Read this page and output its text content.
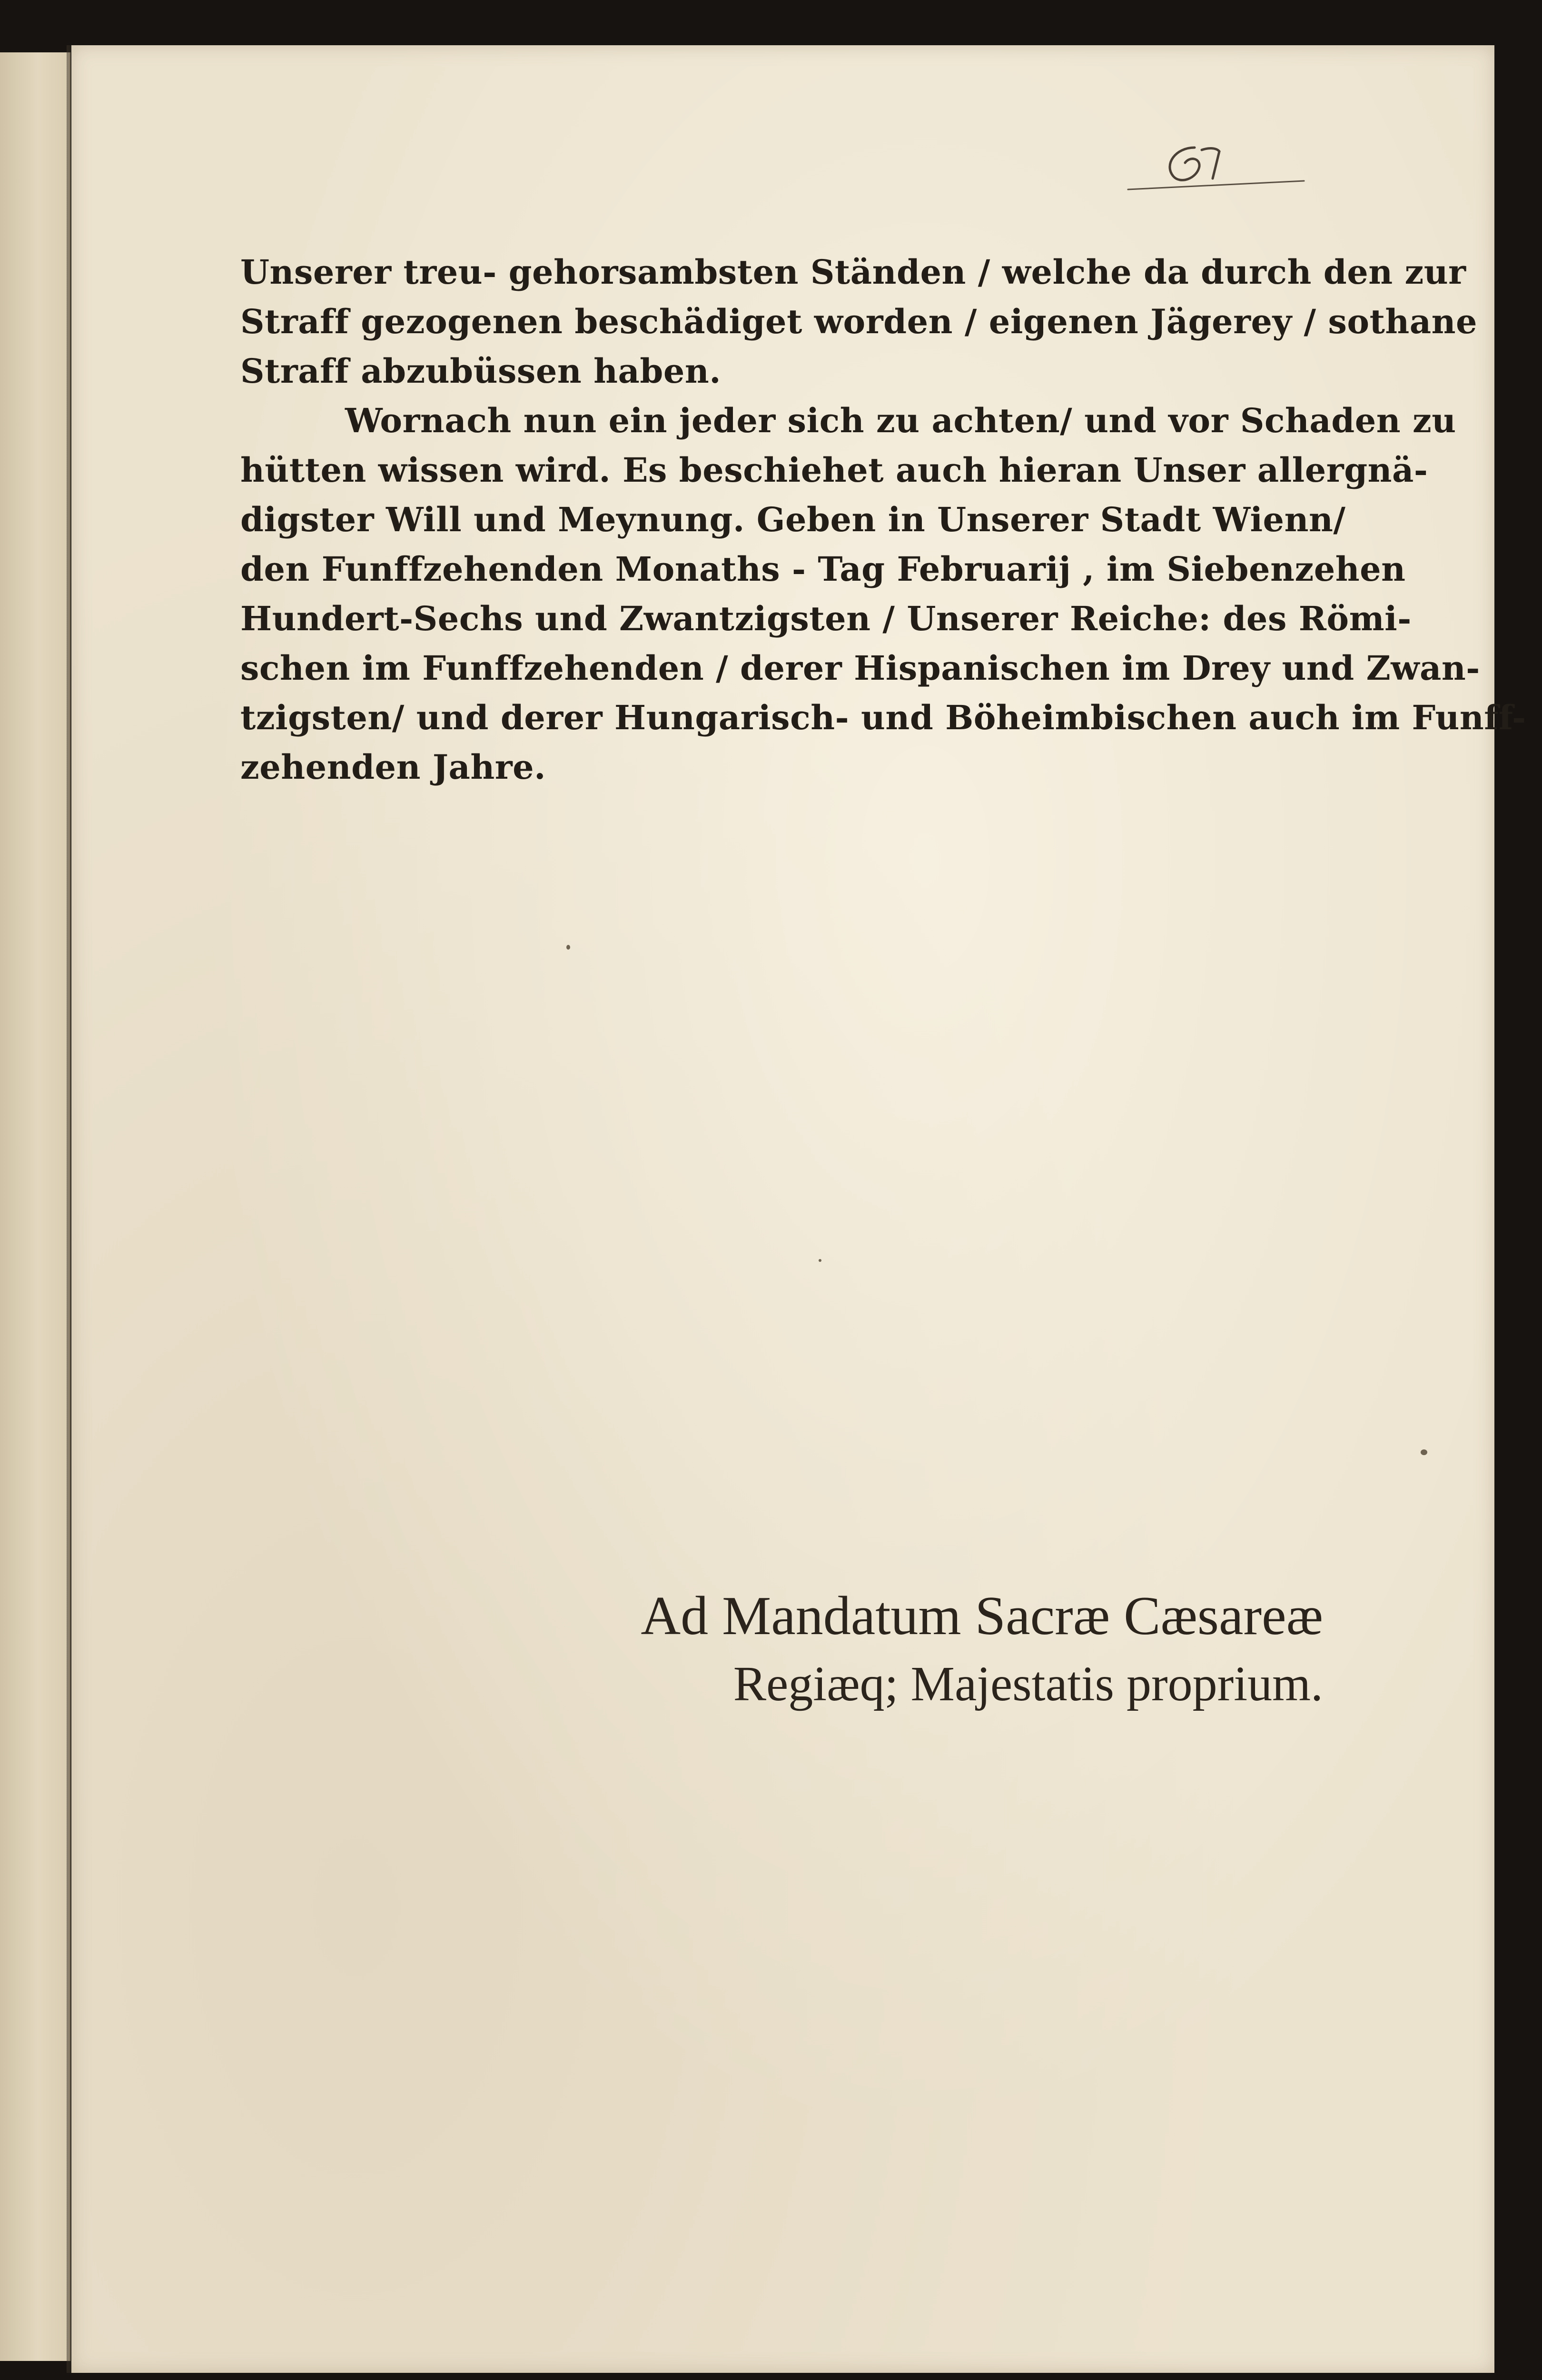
Unserer treu- gehorsambsten Ständen / welche da durch den zur
Straff gezogenen beschädiget worden / eigenen Jägerey / sothane
Straff abzubüssen haben.
Wornach nun ein jeder sich zu achten/ und vor Schaden zu
hütten wissen wird. Es beschiehet auch hieran Unser allergnä-
digster Will und Meynung. Geben in Unserer Stadt Wienn/
den Funffzehenden Monaths - Tag Februarij , im Siebenzehen
Hundert-Sechs und Zwantzigsten / Unserer Reiche: des Römi-
schen im Funffzehenden / derer Hispanischen im Drey und Zwan-
tzigsten/ und derer Hungarisch- und Böheimbischen auch im Funff-
zehenden Jahre.
Ad Mandatum Sacræ Cæsareæ
Regiæq; Majestatis proprium.
